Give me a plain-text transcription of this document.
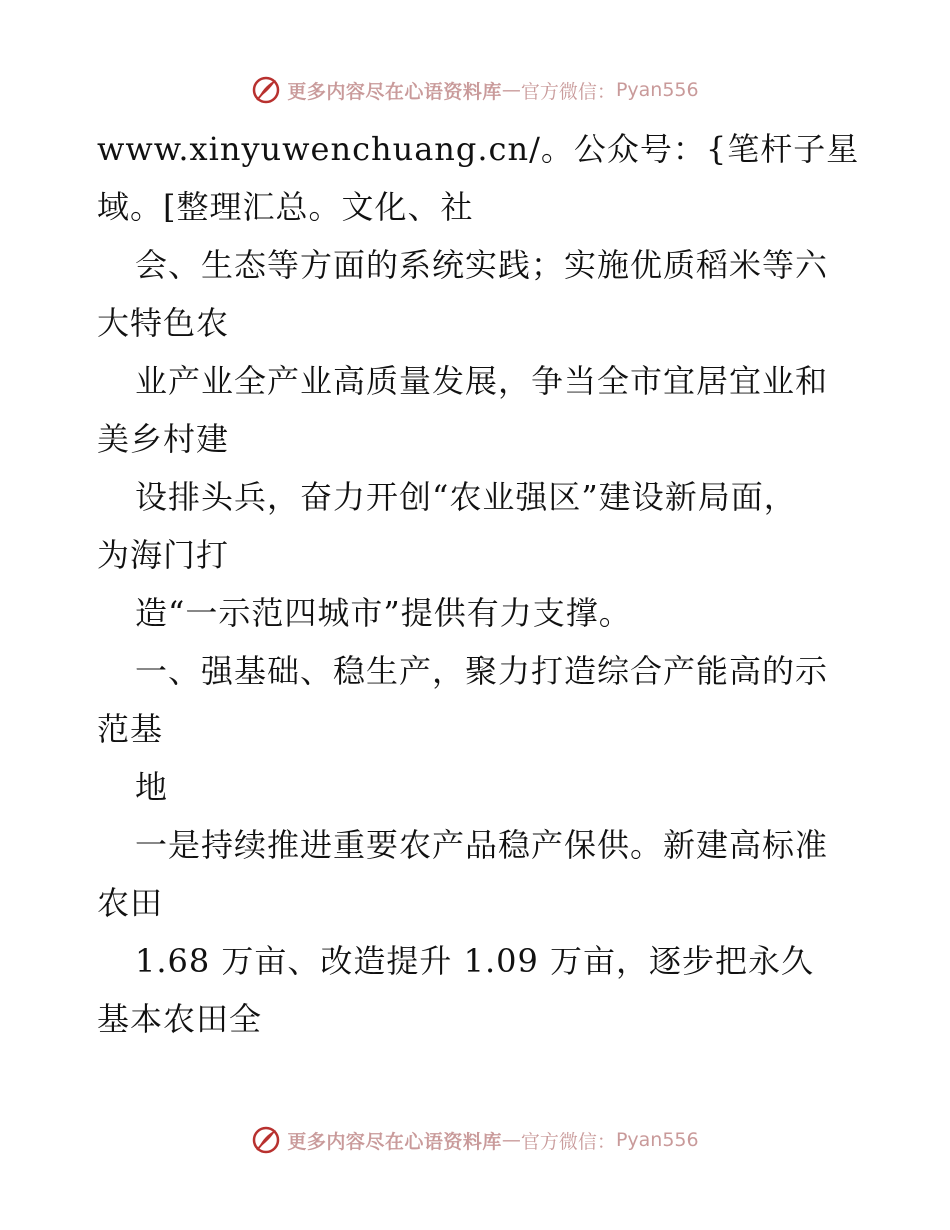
更多内容尽在心语资料库 — 官方微信： Pyan556
www.xinyuwenchuang.cn/。公众号：{笔杆子星
域。[整理汇总。文化、社
会、生态等方面的系统实践；实施优质稻米等六
大特色农
业产业全产业高质量发展，争当全市宜居宜业和
美乡村建
设排头兵，奋力开创“农业强区”建设新局面，
为海门打
造“一示范四城市”提供有力支撑。
一、强基础、稳生产，聚力打造综合产能高的示
范基
地
一是持续推进重要农产品稳产保供。新建高标准
农田
1.68 万亩、改造提升 1.09 万亩，逐步把永久
基本农田全
更多内容尽在心语资料库 — 官方微信： Pyan556
